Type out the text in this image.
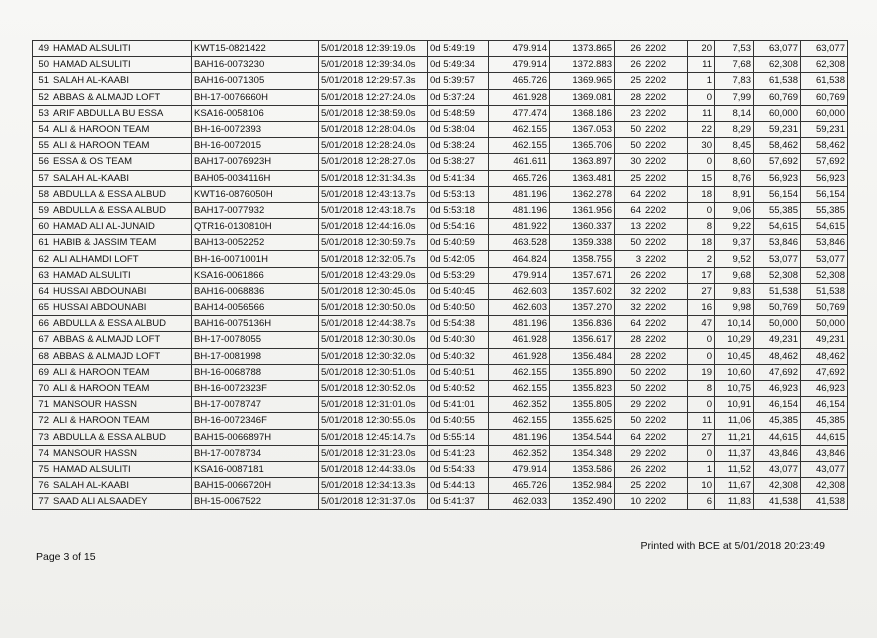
49	HAMAD ALSULITI	KWT15-0821422	5/01/2018 12:39:19.0s	0d 5:49:19	479.914	1373.865	26	2202	20	7,53	63,077	63,077
50	HAMAD ALSULITI	BAH16-0073230	5/01/2018 12:39:34.0s	0d 5:49:34	479.914	1372.883	26	2202	11	7,68	62,308	62,308
51	SALAH AL-KAABI	BAH16-0071305	5/01/2018 12:29:57.3s	0d 5:39:57	465.726	1369.965	25	2202	1	7,83	61,538	61,538
52	ABBAS & ALMAJD LOFT	BH-17-0076660H	5/01/2018 12:27:24.0s	0d 5:37:24	461.928	1369.081	28	2202	0	7,99	60,769	60,769
53	ARIF ABDULLA BU ESSA	KSA16-0058106	5/01/2018 12:38:59.0s	0d 5:48:59	477.474	1368.186	23	2202	11	8,14	60,000	60,000
54	ALI & HAROON TEAM	BH-16-0072393	5/01/2018 12:28:04.0s	0d 5:38:04	462.155	1367.053	50	2202	22	8,29	59,231	59,231
55	ALI & HAROON TEAM	BH-16-0072015	5/01/2018 12:28:24.0s	0d 5:38:24	462.155	1365.706	50	2202	30	8,45	58,462	58,462
56	ESSA & OS TEAM	BAH17-0076923H	5/01/2018 12:28:27.0s	0d 5:38:27	461.611	1363.897	30	2202	0	8,60	57,692	57,692
57	SALAH AL-KAABI	BAH05-0034116H	5/01/2018 12:31:34.3s	0d 5:41:34	465.726	1363.481	25	2202	15	8,76	56,923	56,923
58	ABDULLA & ESSA ALBUD	KWT16-0876050H	5/01/2018 12:43:13.7s	0d 5:53:13	481.196	1362.278	64	2202	18	8,91	56,154	56,154
59	ABDULLA & ESSA ALBUD	BAH17-0077932	5/01/2018 12:43:18.7s	0d 5:53:18	481.196	1361.956	64	2202	0	9,06	55,385	55,385
60	HAMAD ALI AL-JUNAID	QTR16-0130810H	5/01/2018 12:44:16.0s	0d 5:54:16	481.922	1360.337	13	2202	8	9,22	54,615	54,615
61	HABIB & JASSIM TEAM	BAH13-0052252	5/01/2018 12:30:59.7s	0d 5:40:59	463.528	1359.338	50	2202	18	9,37	53,846	53,846
62	ALI ALHAMDI LOFT	BH-16-0071001H	5/01/2018 12:32:05.7s	0d 5:42:05	464.824	1358.755	3	2202	2	9,52	53,077	53,077
63	HAMAD ALSULITI	KSA16-0061866	5/01/2018 12:43:29.0s	0d 5:53:29	479.914	1357.671	26	2202	17	9,68	52,308	52,308
64	HUSSAI ABDOUNABI	BAH16-0068836	5/01/2018 12:30:45.0s	0d 5:40:45	462.603	1357.602	32	2202	27	9,83	51,538	51,538
65	HUSSAI ABDOUNABI	BAH14-0056566	5/01/2018 12:30:50.0s	0d 5:40:50	462.603	1357.270	32	2202	16	9,98	50,769	50,769
66	ABDULLA & ESSA ALBUD	BAH16-0075136H	5/01/2018 12:44:38.7s	0d 5:54:38	481.196	1356.836	64	2202	47	10,14	50,000	50,000
67	ABBAS & ALMAJD LOFT	BH-17-0078055	5/01/2018 12:30:30.0s	0d 5:40:30	461.928	1356.617	28	2202	0	10,29	49,231	49,231
68	ABBAS & ALMAJD LOFT	BH-17-0081998	5/01/2018 12:30:32.0s	0d 5:40:32	461.928	1356.484	28	2202	0	10,45	48,462	48,462
69	ALI & HAROON TEAM	BH-16-0068788	5/01/2018 12:30:51.0s	0d 5:40:51	462.155	1355.890	50	2202	19	10,60	47,692	47,692
70	ALI & HAROON TEAM	BH-16-0072323F	5/01/2018 12:30:52.0s	0d 5:40:52	462.155	1355.823	50	2202	8	10,75	46,923	46,923
71	MANSOUR HASSN	BH-17-0078747	5/01/2018 12:31:01.0s	0d 5:41:01	462.352	1355.805	29	2202	0	10,91	46,154	46,154
72	ALI & HAROON TEAM	BH-16-0072346F	5/01/2018 12:30:55.0s	0d 5:40:55	462.155	1355.625	50	2202	11	11,06	45,385	45,385
73	ABDULLA & ESSA ALBUD	BAH15-0066897H	5/01/2018 12:45:14.7s	0d 5:55:14	481.196	1354.544	64	2202	27	11,21	44,615	44,615
74	MANSOUR HASSN	BH-17-0078734	5/01/2018 12:31:23.0s	0d 5:41:23	462.352	1354.348	29	2202	0	11,37	43,846	43,846
75	HAMAD ALSULITI	KSA16-0087181	5/01/2018 12:44:33.0s	0d 5:54:33	479.914	1353.586	26	2202	1	11,52	43,077	43,077
76	SALAH AL-KAABI	BAH15-0066720H	5/01/2018 12:34:13.3s	0d 5:44:13	465.726	1352.984	25	2202	10	11,67	42,308	42,308
77	SAAD ALI ALSAADEY	BH-15-0067522	5/01/2018 12:31:37.0s	0d 5:41:37	462.033	1352.490	10	2202	6	11,83	41,538	41,538
Page 3 of 15
Printed with BCE at 5/01/2018 20:23:49
